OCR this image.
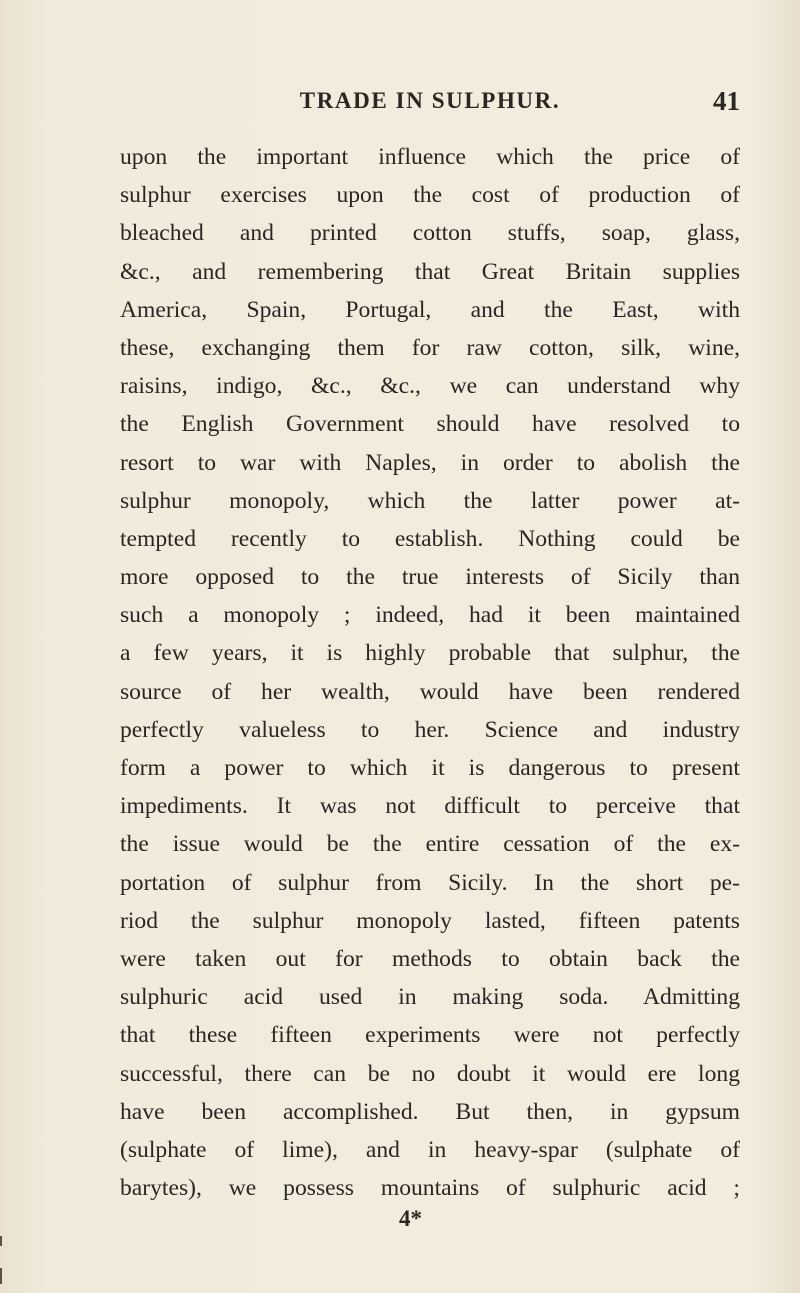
TRADE IN SULPHUR.	41
upon the important influence which the price of
sulphur exercises upon the cost of production of
bleached and printed cotton stuffs, soap, glass,
&c., and remembering that Great Britain supplies
America, Spain, Portugal, and the East, with
these, exchanging them for raw cotton, silk, wine,
raisins, indigo, &c., &c., we can understand why
the English Government should have resolved to
resort to war with Naples, in order to abolish the
sulphur monopoly, which the latter power at-
tempted recently to establish. Nothing could be
more opposed to the true interests of Sicily than
such a monopoly ; indeed, had it been maintained
a few years, it is highly probable that sulphur, the
source of her wealth, would have been rendered
perfectly valueless to her. Science and industry
form a power to which it is dangerous to present
impediments. It was not difficult to perceive that
the issue would be the entire cessation of the ex-
portation of sulphur from Sicily. In the short pe-
riod the sulphur monopoly lasted, fifteen patents
were taken out for methods to obtain back the
sulphuric acid used in making soda. Admitting
that these fifteen experiments were not perfectly
successful, there can be no doubt it would ere long
have been accomplished. But then, in gypsum
(sulphate of lime), and in heavy-spar (sulphate of
barytes), we possess mountains of sulphuric acid ;
4*
